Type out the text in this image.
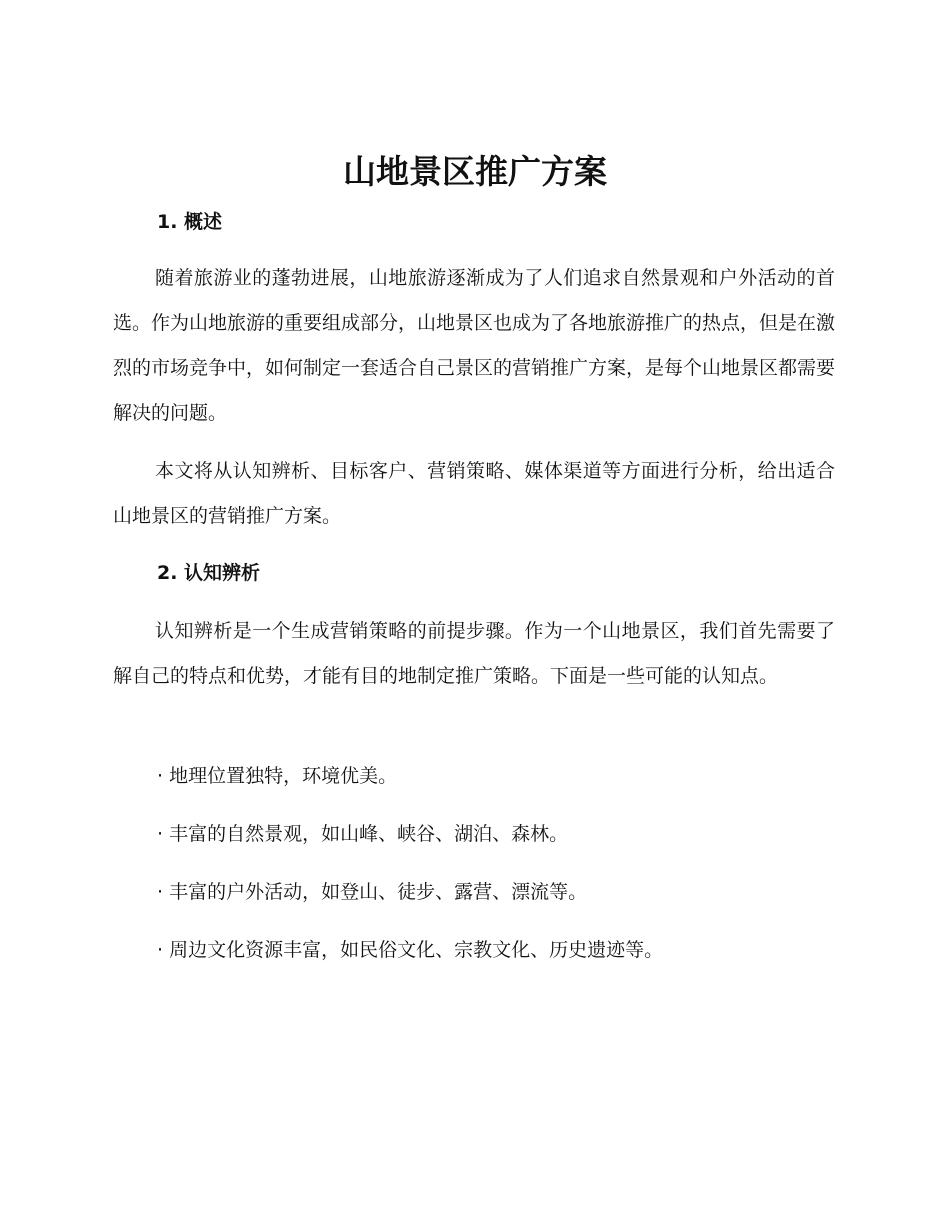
山地景区推广方案
1. 概述

随着旅游业的蓬勃进展，山地旅游逐渐成为了人们追求自然景观和户外活动的首选。作为山地旅游的重要组成部分，山地景区也成为了各地旅游推广的热点，但是在激烈的市场竞争中，如何制定一套适合自己景区的营销推广方案，是每个山地景区都需要解决的问题。

本文将从认知辨析、目标客户、营销策略、媒体渠道等方面进行分析，给出适合山地景区的营销推广方案。

2. 认知辨析

认知辨析是一个生成营销策略的前提步骤。作为一个山地景区，我们首先需要了解自己的特点和优势，才能有目的地制定推广策略。下面是一些可能的认知点。

· 地理位置独特，环境优美。
· 丰富的自然景观，如山峰、峡谷、湖泊、森林。
· 丰富的户外活动，如登山、徒步、露营、漂流等。
· 周边文化资源丰富，如民俗文化、宗教文化、历史遗迹等。
